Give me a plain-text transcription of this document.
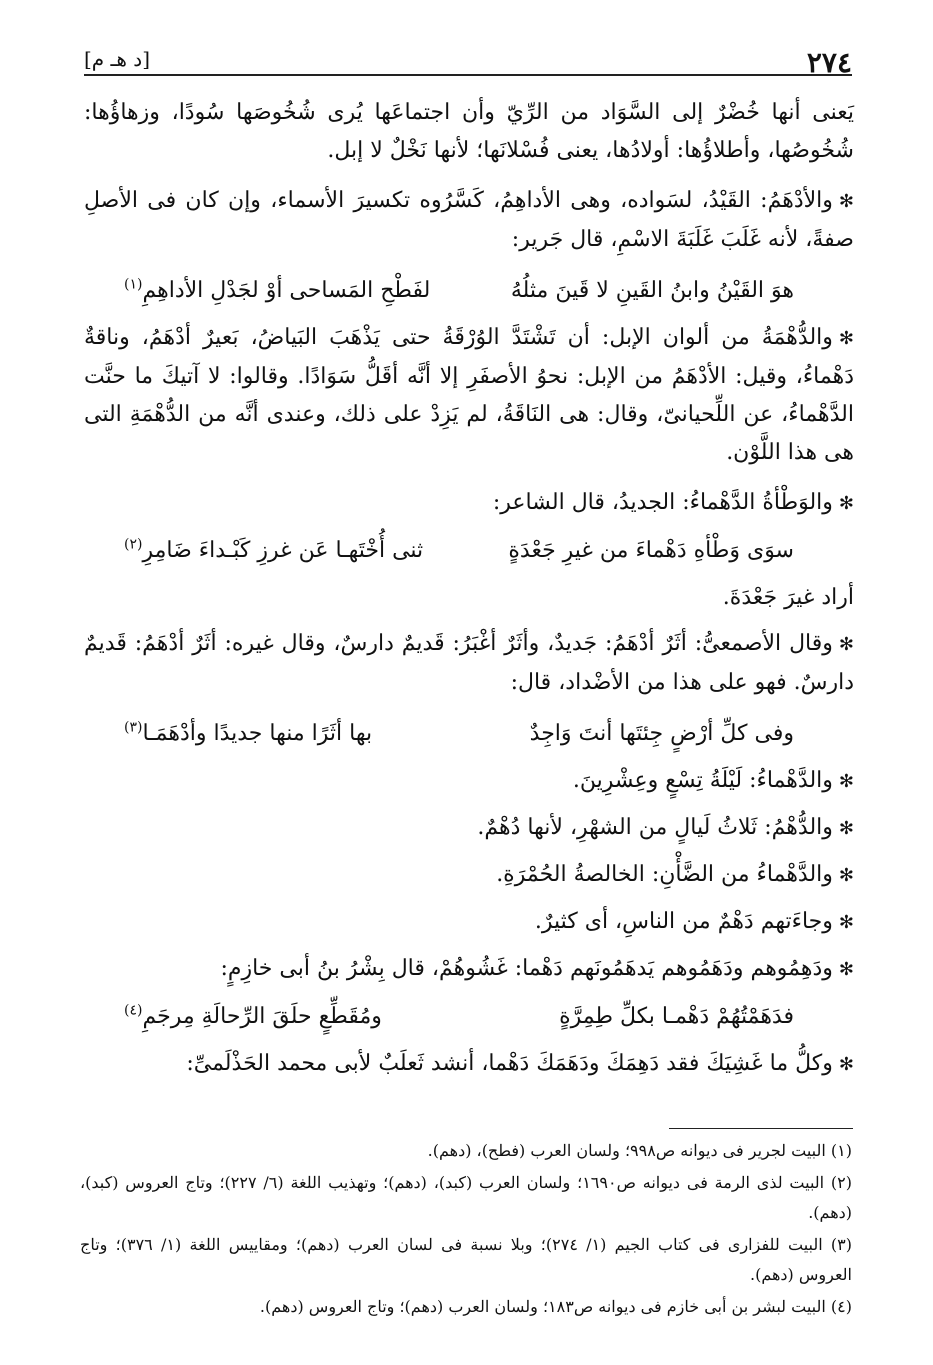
٢٧٤
[د هـ م]

يَعنى أنها خُضْرٌ إلى السَّوَاد من الرِّيّ وأن اجتماعَها يُرى شُخُوصَها سُودًا، وزهاؤُها: شُخُوصُها، وأطلاؤُها: أولادُها، يعنى فُسْلانَها؛ لأنها نَخْلٌ لا إبل.

✻والأدْهَمُ: القَيْدُ، لسَواده، وهى الأداهِمُ، كَسَّرُوه تكسيرَ الأسماء، وإن كان فى الأصلِ صفةً، لأنه غَلَبَ غَلَبَةَ الاسْمِ، قال جَرير:

هوَ القَيْنُ وابنُ القَينِ لا قَينَ مثلُهُ
لفَطْحِ المَساحى أوْ لجَدْلِ الأداهِمِ$^{(١)}$

✻والدُّهْمَةُ من ألوان الإبل: أن تَشْتَدَّ الوُرْقَةُ حتى يَذْهَبَ البَياضُ، بَعيرٌ أدْهَمُ، وناقةٌ دَهْماءُ، وقيل: الأدْهَمُ من الإبل: نحوُ الأصفَرِ إلا أنَّه أقَلُّ سَوَادًا. وقالوا: لا آتيكَ ما حنَّت الدَّهْماءُ، عن اللِّحيانىّ، وقال: هى النَاقَةُ، لم يَزِدْ على ذلك، وعندى أنَّه من الدُّهْمَةِ التى هى هذا اللَّوْن.

✻والوَطْأةُ الدَّهْماءُ: الجديدُ، قال الشاعر:

سوَى وَطْأهِ دَهْماءَ من غيرِ جَعْدَةٍ
ثنى أُخْتَهـا عَن غرزِ كَبْـداءَ ضَامِرِ$^{(٢)}$

أراد غيرَ جَعْدَةَ.

✻وقال الأصمعىُّ: أثَرٌ أدْهَمُ: جَديدٌ، وأثَرٌ أغْبَرُ: قَديمٌ دارسٌ، وقال غيره: أثَرٌ أدْهَمُ: قَديمٌ دارسٌ. فهو على هذا من الأضْداد، قال:

وفى كلِّ أرْضٍ جِئتَها أنتَ وَاجِدٌ
بها أثَرًا منها جديدًا وأدْهَمَـا$^{(٣)}$

✻والدَّهْماءُ: لَيْلَةُ تِسْعٍ وعِشْرِينَ.

✻والدُّهْمُ: ثَلاثُ لَيالٍ من الشهْرِ، لأنها دُهْمٌ.

✻والدَّهْماءُ من الضَّأْنِ: الخالصةُ الحُمْرَةِ.

✻وجاءَتهم دَهْمٌ من الناسِ، أى كثيرٌ.

✻ودَهِمُوهم ودَهَمُوهم يَدهَمُونَهم دَهْما: غَشُوهُمْ، قال بِشْرُ بنُ أبى خازِمٍ:

فدَهَمْتُهُمْ دَهْمـا بكلِّ طِمِرَّةٍ
ومُقَطِّعٍ حلَقَ الرِّحالَةِ مِرجَمِ$^{(٤)}$

✻وكلُّ ما غَشِيَكَ فقد دَهِمَكَ ودَهَمَكَ دَهْما، أنشد ثَعلَبٌ لأبى محمد الحَذْلَمىِّ:

(١) البيت لجرير فى ديوانه ص٩٩٨؛ ولسان العرب (فطح)، (دهم).

(٢) البيت لذى الرمة فى ديوانه ص١٦٩٠؛ ولسان العرب (كبد)، (دهم)؛ وتهذيب اللغة (٦/ ٢٢٧)؛ وتاج العروس (كبد)، (دهم).

(٣) البيت للفزارى فى كتاب الجيم (١/ ٢٧٤)؛ وبلا نسبة فى لسان العرب (دهم)؛ ومقاييس اللغة (١/ ٣٧٦)؛ وتاج العروس (دهم).

(٤) البيت لبشر بن أبى خازم فى ديوانه ص١٨٣؛ ولسان العرب (دهم)؛ وتاج العروس (دهم).
